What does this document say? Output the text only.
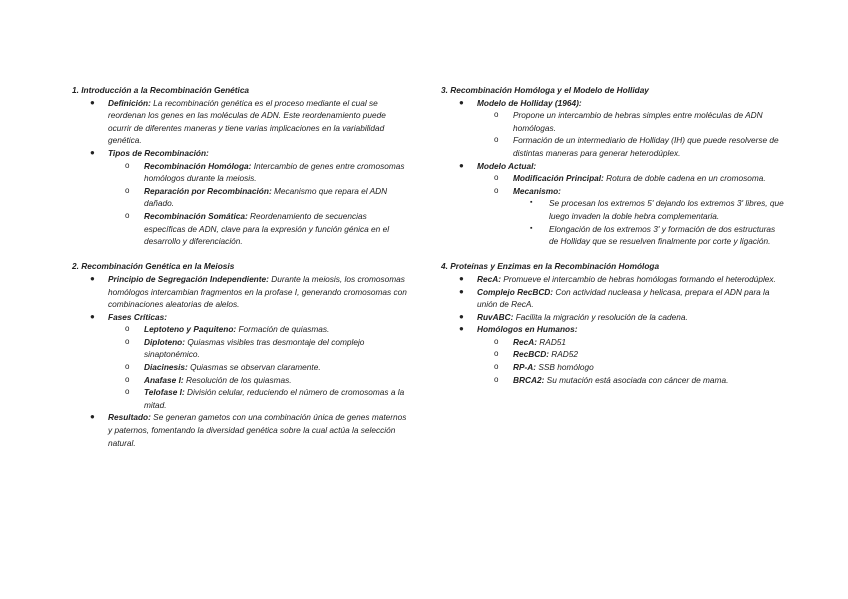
1. Introducción a la Recombinación Genética
● Definición: La recombinación genética es el proceso mediante el cual se reordenan los genes en las moléculas de ADN. Este reordenamiento puede ocurrir de diferentes maneras y tiene varias implicaciones en la variabilidad genética.
● Tipos de Recombinación:
o Recombinación Homóloga: Intercambio de genes entre cromosomas homólogos durante la meiosis.
o Reparación por Recombinación: Mecanismo que repara el ADN dañado.
o Recombinación Somática: Reordenamiento de secuencias específicas de ADN, clave para la expresión y función génica en el desarrollo y diferenciación.
2. Recombinación Genética en la Meiosis
● Principio de Segregación Independiente: Durante la meiosis, los cromosomas homólogos intercambian fragmentos en la profase I, generando cromosomas con combinaciones aleatorias de alelos.
● Fases Críticas:
o Leptoteno y Paquiteno: Formación de quiasmas.
o Diploteno: Quiasmas visibles tras desmontaje del complejo sinaptonémico.
o Diacinesis: Quiasmas se observan claramente.
o Anafase I: Resolución de los quiasmas.
o Telofase I: División celular, reduciendo el número de cromosomas a la mitad.
● Resultado: Se generan gametos con una combinación única de genes maternos y paternos, fomentando la diversidad genética sobre la cual actúa la selección natural.
3. Recombinación Homóloga y el Modelo de Holliday
● Modelo de Holliday (1964):
o Propone un intercambio de hebras simples entre moléculas de ADN homólogas.
o Formación de un intermediario de Holliday (IH) que puede resolverse de distintas maneras para generar heterodúplex.
● Modelo Actual:
o Modificación Principal: Rotura de doble cadena en un cromosoma.
o Mecanismo:
▪ Se procesan los extremos 5' dejando los extremos 3' libres, que luego invaden la doble hebra complementaria.
▪ Elongación de los extremos 3' y formación de dos estructuras de Holliday que se resuelven finalmente por corte y ligación.
4. Proteínas y Enzimas en la Recombinación Homóloga
● RecA: Promueve el intercambio de hebras homólogas formando el heterodúplex.
● Complejo RecBCD: Con actividad nucleasa y helicasa, prepara el ADN para la unión de RecA.
● RuvABC: Facilita la migración y resolución de la cadena.
● Homólogos en Humanos:
o RecA: RAD51
o RecBCD: RAD52
o RP-A: SSB homólogo
o BRCA2: Su mutación está asociada con cáncer de mama.
